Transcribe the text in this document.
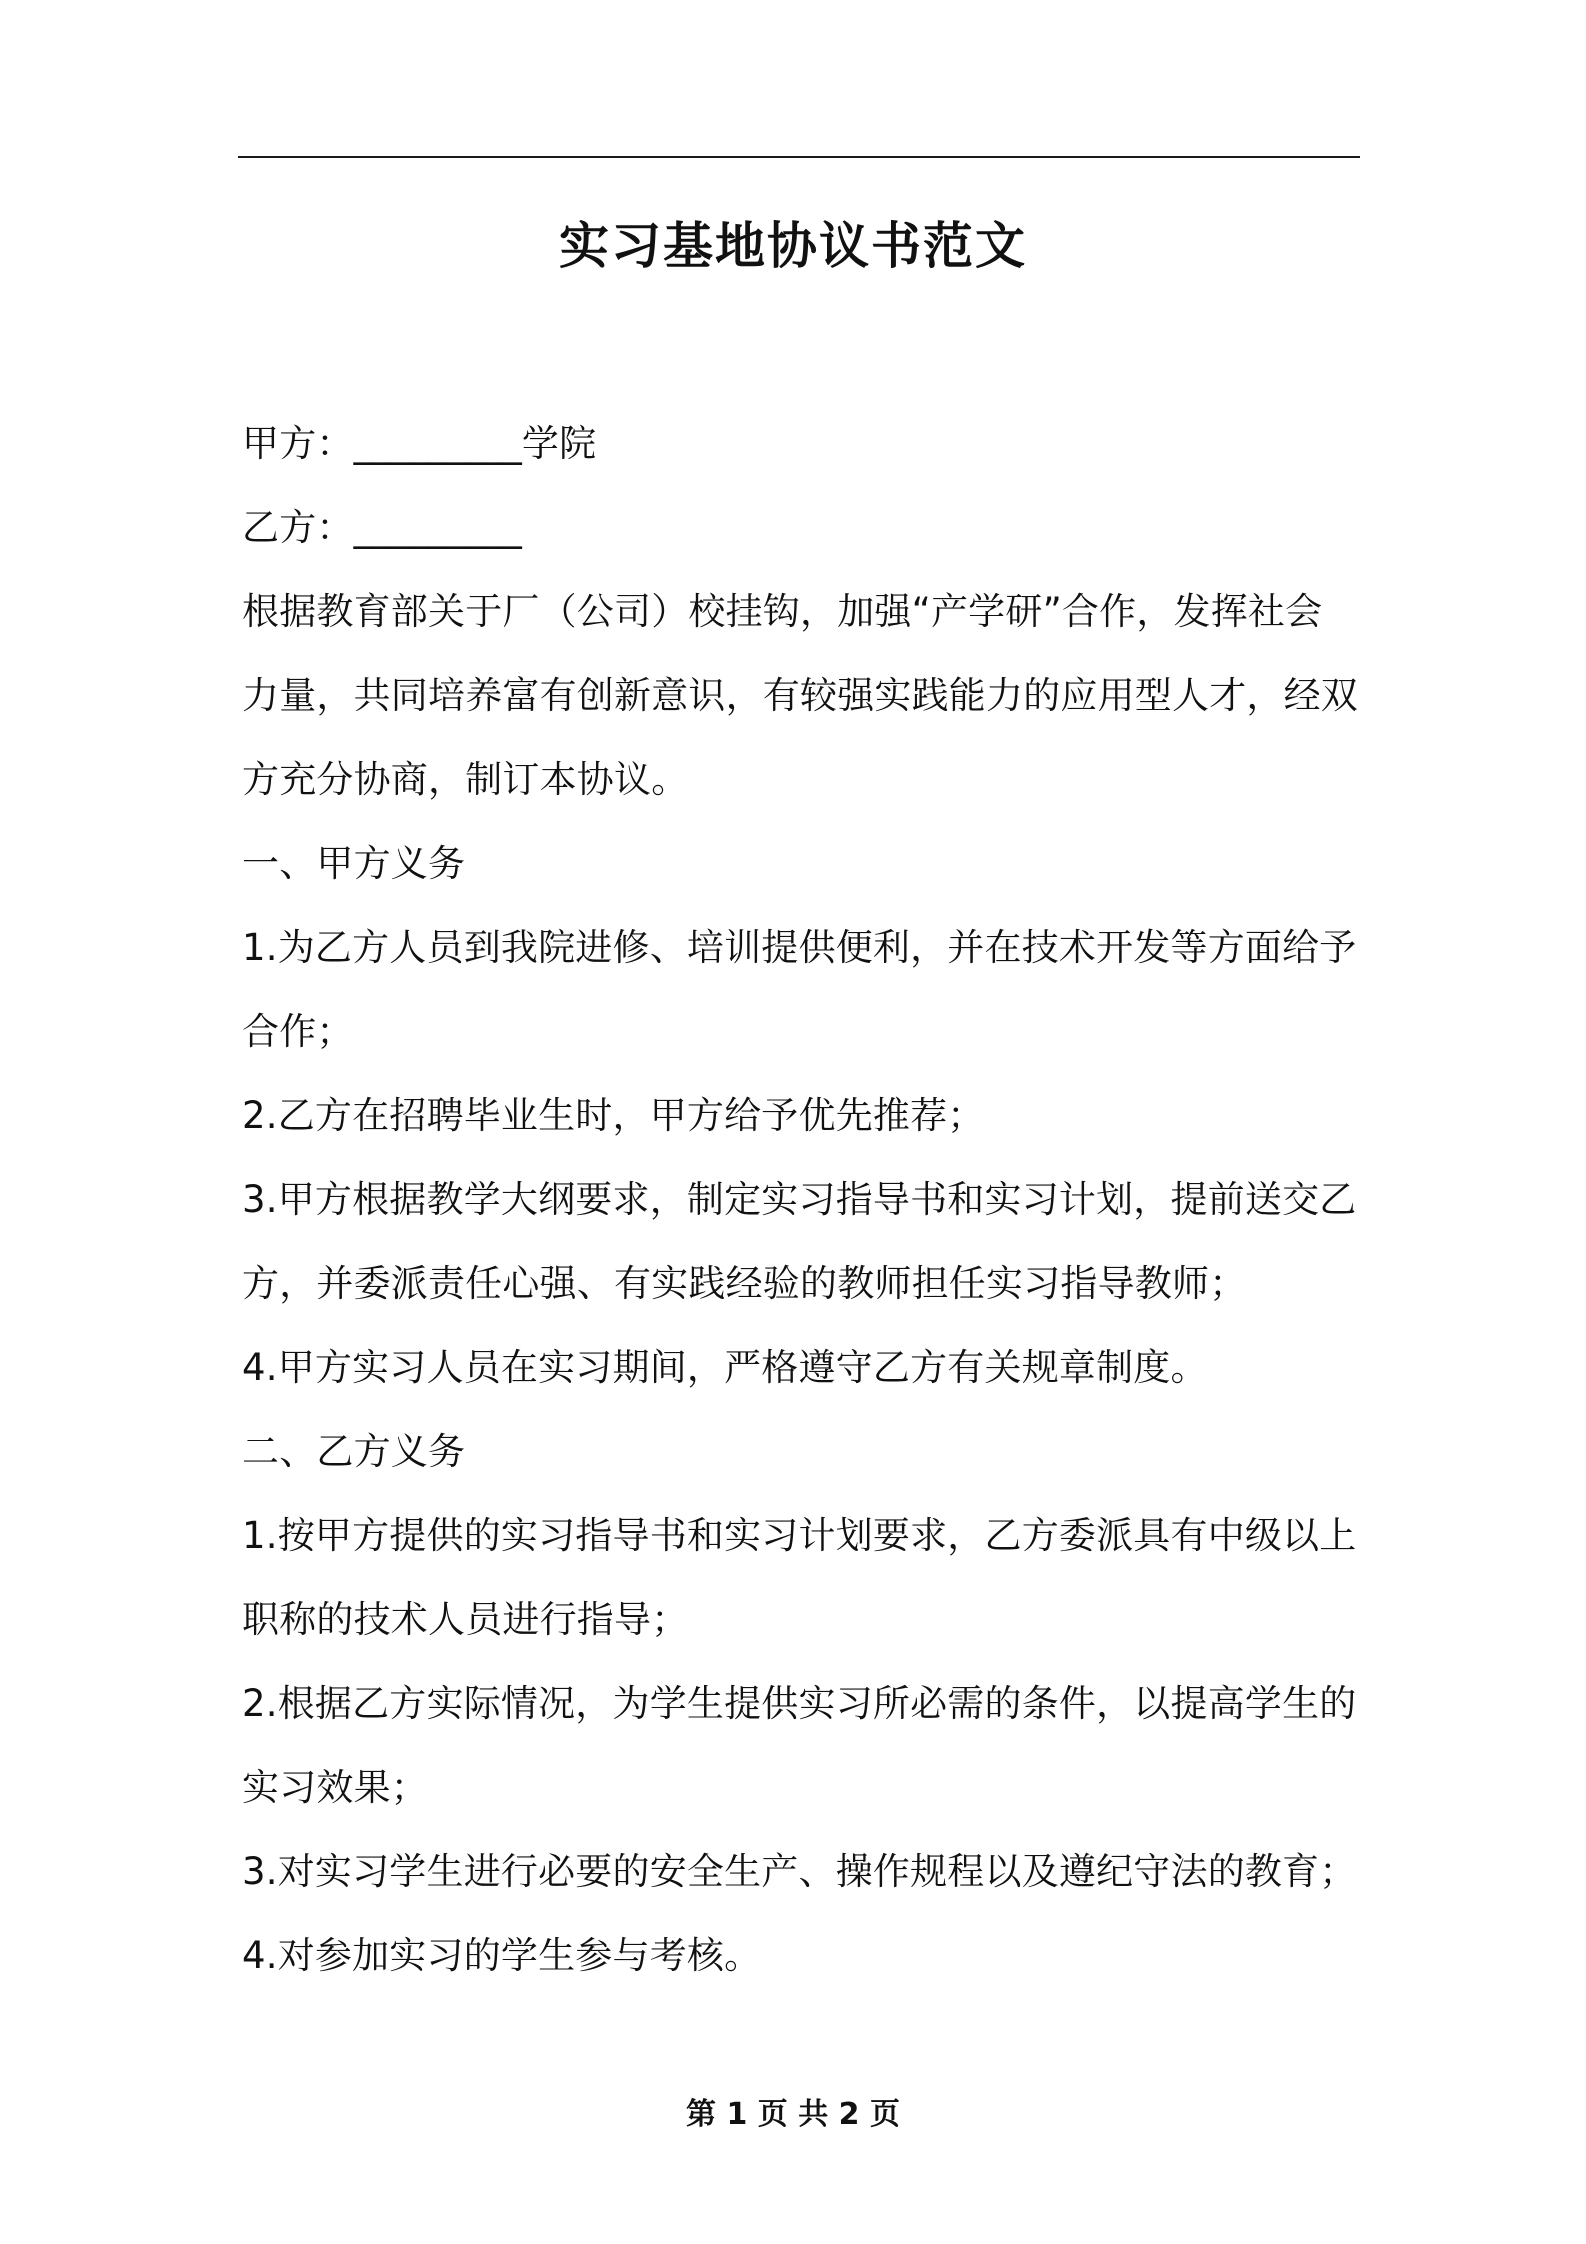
实习基地协议书范文
甲方：_________学院
乙方：_________
根据教育部关于厂（公司）校挂钩，加强“产学研”合作，发挥社会
力量，共同培养富有创新意识，有较强实践能力的应用型人才，经双
方充分协商，制订本协议。
一、甲方义务
1.为乙方人员到我院进修、培训提供便利，并在技术开发等方面给予
合作；
2.乙方在招聘毕业生时，甲方给予优先推荐；
3.甲方根据教学大纲要求，制定实习指导书和实习计划，提前送交乙
方，并委派责任心强、有实践经验的教师担任实习指导教师；
4.甲方实习人员在实习期间，严格遵守乙方有关规章制度。
二、乙方义务
1.按甲方提供的实习指导书和实习计划要求，乙方委派具有中级以上
职称的技术人员进行指导；
2.根据乙方实际情况，为学生提供实习所必需的条件，以提高学生的
实习效果；
3.对实习学生进行必要的安全生产、操作规程以及遵纪守法的教育；
4.对参加实习的学生参与考核。
第 1 页 共 2 页
